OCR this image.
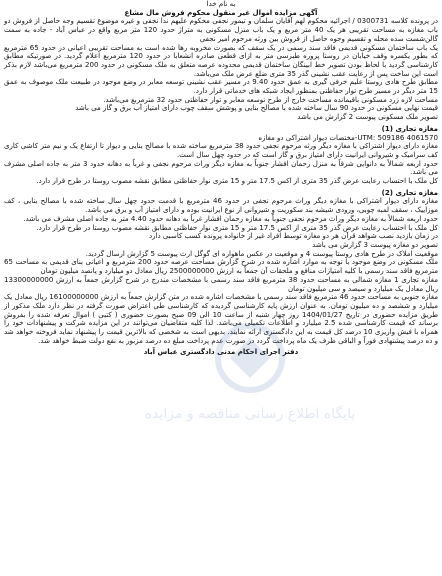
به نام خدا

آگهی مزایده اموال غیر منقول محکوم فروش مال مشاع

در پرونده کلاسه 0300731 / اجرائیه محکوم لهم آقایان سلمان و تیمور نجفی محکوم علیهم ندا نجفی و غیره موضوع تقسیم وجه حاصل از فروش دو باب مغازه به مساحت تقریبی هر یک 40 متر مربع و یک باب منزل مسکونی به متراژ حدود 120 متر مربع واقع در عباس آباد - جاده به سمت گالن‌شست سده محله و تقسیم وجوه حاصل از فروش بین ورثه مرحوم امیر نجفی

یک باب ساختمان مسکونی قدیمی فاقد سند رسمی در یک سقف که بصورت مخروبه رها شده است به مساحت تقریبی اعیانی در حدود 65 مترمربع که بطور یکسره وقف خیابان در روستا پروره طبرسی متر به ازای قطعی صادره انشعابا در حدود 120 مترمربع اعلام گردید. در صورتیکه مطابق کارشناسی گردید با لحاظ بودن تصویر خط ابینگان ساختمان قدیمی محدوده عرصه متعلق به ملک مسکونی در حدود 200 مترمربع می‌باشد لازم بذکر است این ساخت پس از رعایت عقب نشینی گذر 35 متری ضلع عرض ملک می‌باشد.

مطابق طرح هادی روستا علیم خرفی گیری به عمق حدود 9.40 در مسیر عقب نشینی توسعه معابر در وضع موجود در طبیعت ملک موصوف به عمق 15 متر دیگر در مسیر طرح توار حفاظتی بمنظور ایجاد شبکه های خدماتی قرار دارد.

مساحت لازه زرد مسکونی باقیمانده مساحت خارج از طرح توسعه معابر و توار حفاظتی حدود 32 مترمربع می‌باشد.

قیمت نهایی مسکونی در حدود 90 سال ساخته شده با مصالح بنایی و پوشش سقف چوب دارای امتیاز آب برق و گاز می باشد

تصویر ملک مسکونی پیوست 2 گزارش می باشد

مغازه تجاری (1)

UTM: 509186 4061570-مختصات دیوار اشتراکی دو مغازه

مغازه دارای دیوار اشتراکی با مغازه دیگر ورثه مرحوم نجفی حدود 38 مترمربع ساخته شده با مصالح بنایی و دیوار تا ارتفاع یک و نیم متر کاشی کاری کف سرامیک و شیروانی ایرانیت دارای امتیاز برق و گاز است که در حدود چهل سال است.

حدود اربعه شمالاً به دانوایی شرقاً به منزل رحمان افشار جنوباً به مغازه دیگر وراث مرحوم نجفی و غرباً به دهانه حدود 3 متر به جاده اصلی مشرف می باشد.

کل ملک با احتساب رعایت عرض گذر 35 متری از اکس 17.5 متر و 15 متری نوار حفاظتی مطابق نقشه مصوب روستا در طرح قرار دارد.

مغازه تجاری (2)

مغازه دارای دیوار اشتراکی با مغازه دیگر وراث مرحوم نجفی در حدود 46 مترمربع با قدمت حدود چهل سال ساخته شده با مصالح بنایی ، کف موزاییک ، سقف لمبه چوبی، ورودی شیشه بند سکوریت و شیروانی از نوع ایرانیت بوده و دارای امتیاز آب و برق می باشد.

حدود اربعه شمالاً به مغازه دیگر وراث مرحوم نجفی جنوباً به مغازه رحمان افشار غرباً به دهانه حدود 4.40 متر به جاده اصلی مشرف می باشد.

کل ملک با احتساب رعایت عرض گذر 35 متری از اکس 17.5 متر و 15 متری نوار حفاظتی مطابق نقشه مصوب روستا در طرح قرار دارد.

در زمان بازدید نصب شواهد قرآن هر دو مغازه توسط افراد غیر از خانواده پرونده کسب کاسبی دارد

تصویر دو مغازه پیوست 3 گزارش می باشد

موقعیت املاک در طرح هادی روستا پیوست 4 و موقعیت در عکس ماهواره ای گوگل ارث پیوست 5 گزارش ارسال گردید.

ملک مسکونی در وضع موجود با توجه به موارد اشاره شده در شرح گزارش مساحت عرصه حدود 200 مترمربع و اعیانی بنای قدیمی به مساحت 65 مترمربع فاقد سند رسمی با کلیه امتیازات منافع و ملحقات آن جمعاً به ارزش 2500000000 ریال معادل دو میلیارد و پانصد میلیون تومان

مغازه تجاری 1 مغازه شمالی به مساحت حدود 38 مترمربع فاقد سند رسمی با مشخصات مندرج در شرح گزارش جمعاً به ارزش 13300000000 ریال معادل یک میلیارد و سیصد و سی میلیون تومان

مغازه جنوبی به مساحت حدود 46 مترمربع فاقد سند رسمی با مشخصات اشاره شده در متن گزارش جمعاً به ارزش 16100000000 ریال معادل یک میلیارد و ششصد و ده میلیون تومان. به عنوان ارزش پایه کارشناسی گردیده که کارشناسی طی اعتراض صورت گرفته در نظر دارد ملک مذکور از طریق مزایده حضوری در تاریخ 1404/01/27 روز چهار شنبه از ساعت 10 الی 09 صبح بصورت حضوری ( کتبی ) اموال تعرفه شده را بفروش برساند که قیمت کارشناسی شده 2.5 میلیارد و اطلاعات تکمیلی می‌باشد. لذا کلیه متقاضیان می‌توانند در این مزایده شرکت و پیشنهادات خود را همراه با فیش واریزی 10 درصد کل قیمت به این دادگستری ارائه نمایند. بدیهی است به شخصی که بالاترین قیمت را پیشنهاد نماید فروخته خواهد شد و ده درصد پیشنهادی فوراً و الباقی ظرف یک ماه پرداخت گردد در صورت عدم پرداخت مبلغ ده درصد مزبور به نفع دولت ضبط خواهد شد.

دفتر اجرای احکام مدنی دادگستری عباس آباد

پایگاه اطلاع رسانی مناقصه و مزایده
